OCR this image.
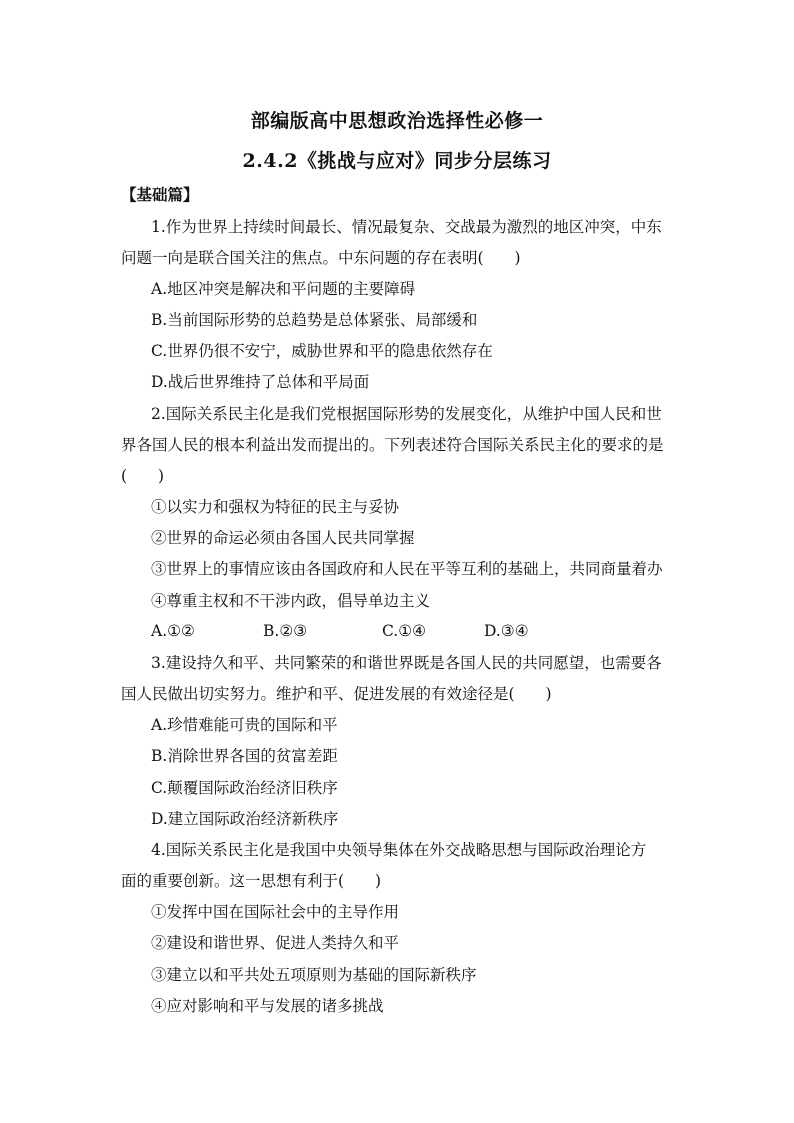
部编版高中思想政治选择性必修一
2.4.2《挑战与应对》同步分层练习
【基础篇】
1.作为世界上持续时间最长、情况最复杂、交战最为激烈的地区冲突，中东
问题一向是联合国关注的焦点。中东问题的存在表明(　　)
A.地区冲突是解决和平问题的主要障碍
B.当前国际形势的总趋势是总体紧张、局部缓和
C.世界仍很不安宁，威胁世界和平的隐患依然存在
D.战后世界维持了总体和平局面
2.国际关系民主化是我们党根据国际形势的发展变化，从维护中国人民和世
界各国人民的根本利益出发而提出的。下列表述符合国际关系民主化的要求的是
(　　)
①以实力和强权为特征的民主与妥协
②世界的命运必须由各国人民共同掌握
③世界上的事情应该由各国政府和人民在平等互利的基础上，共同商量着办
④尊重主权和不干涉内政，倡导单边主义
A.①②	B.②③	C.①④	D.③④
3.建设持久和平、共同繁荣的和谐世界既是各国人民的共同愿望，也需要各
国人民做出切实努力。维护和平、促进发展的有效途径是(　　)
A.珍惜难能可贵的国际和平
B.消除世界各国的贫富差距
C.颠覆国际政治经济旧秩序
D.建立国际政治经济新秩序
4.国际关系民主化是我国中央领导集体在外交战略思想与国际政治理论方
面的重要创新。这一思想有利于(　　)
①发挥中国在国际社会中的主导作用
②建设和谐世界、促进人类持久和平
③建立以和平共处五项原则为基础的国际新秩序
④应对影响和平与发展的诸多挑战
